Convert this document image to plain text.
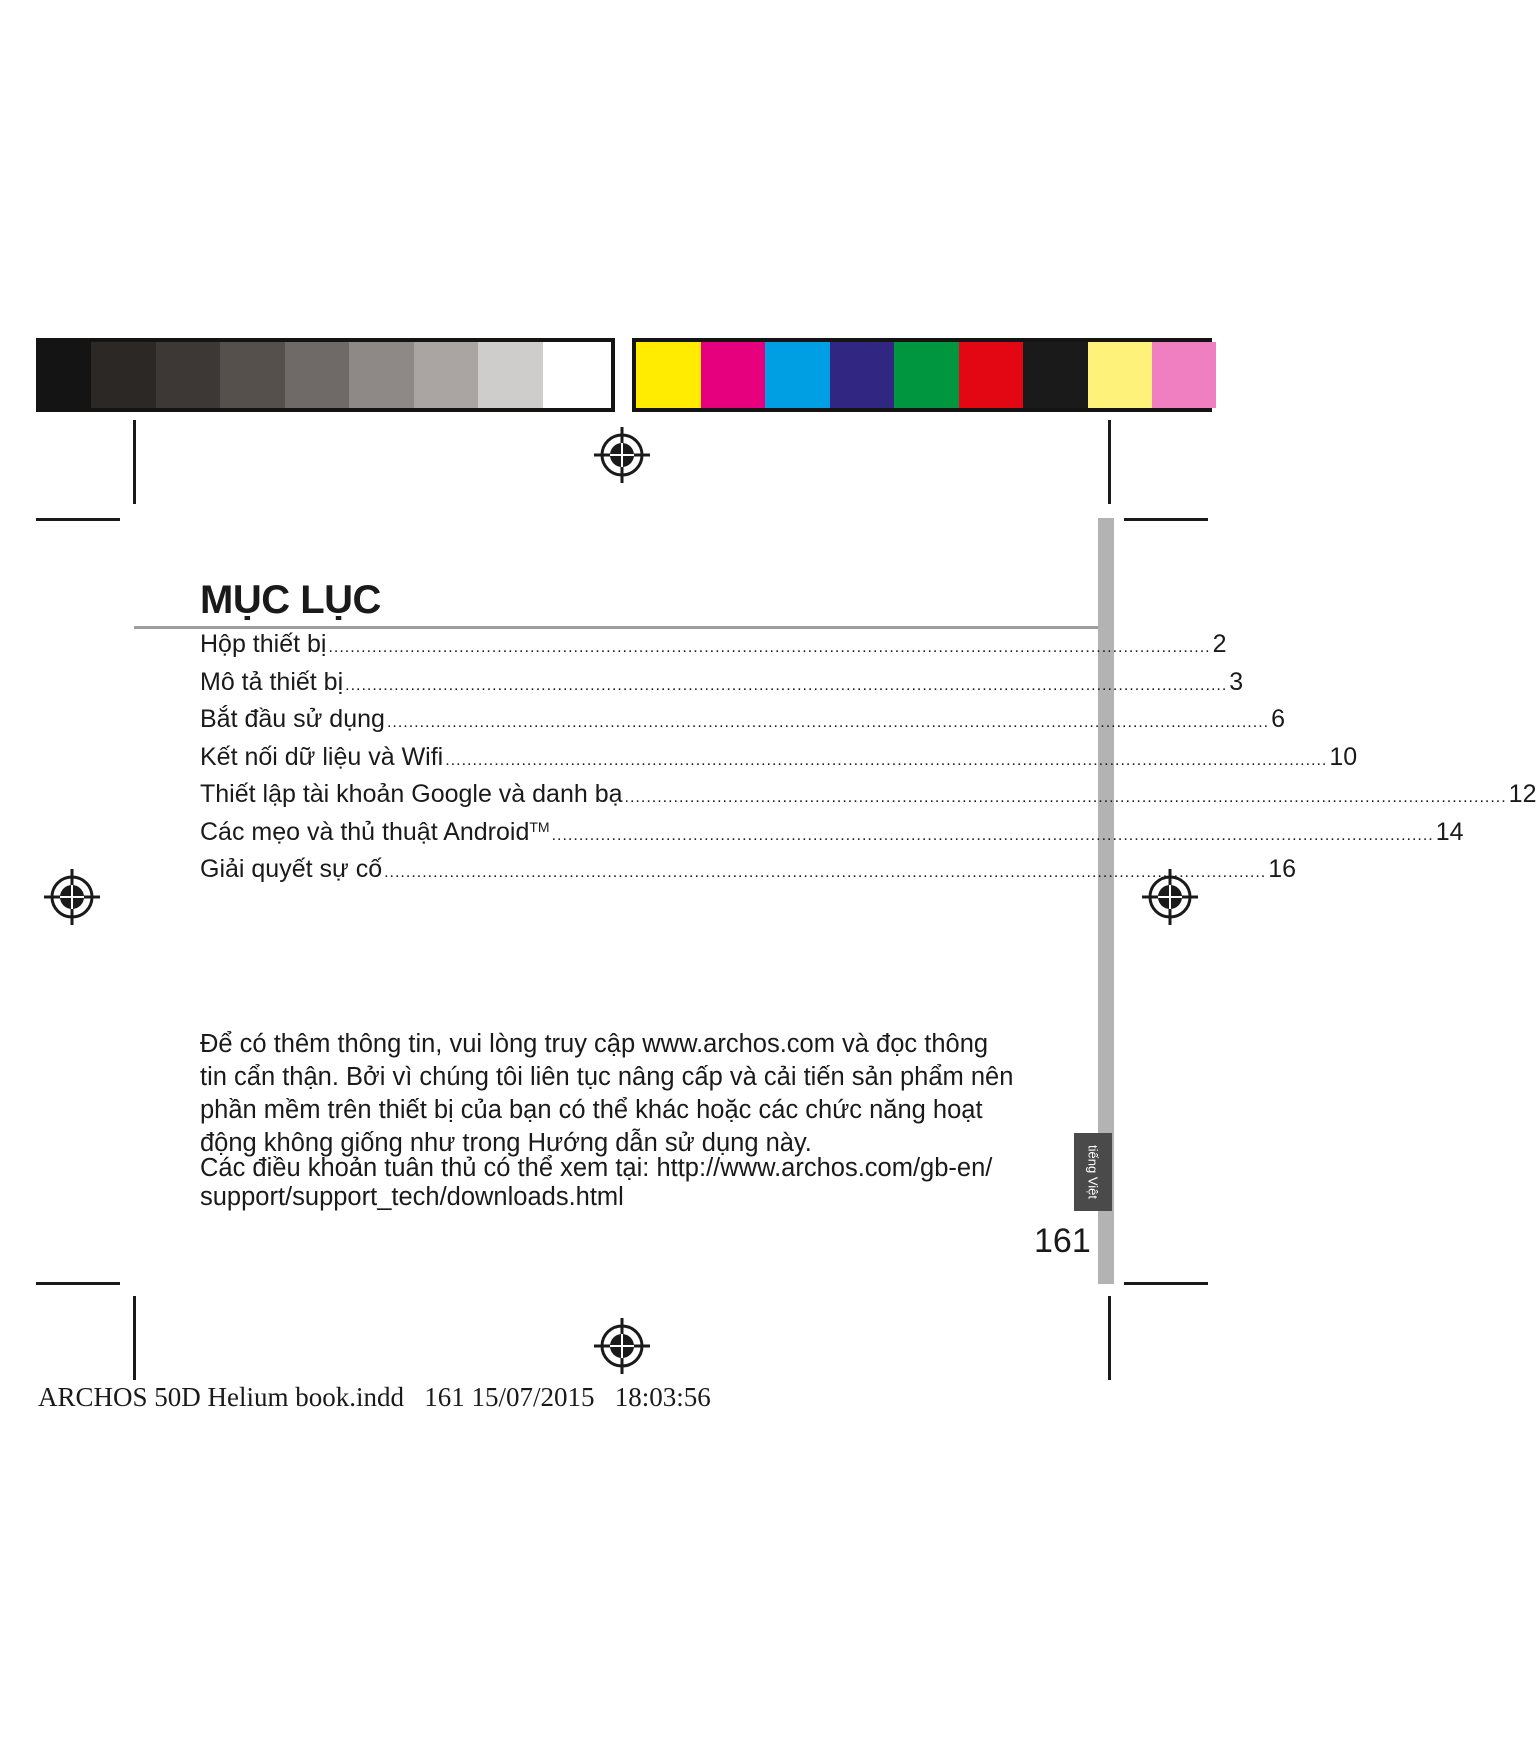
tiếng Việt
MỤC LỤC
Hộp thiết bị .................................................................................................................................................................. 2
Mô tả thiết bị .................................................................................................................................................................. 3
Bắt đầu sử dụng .................................................................................................................................................................. 6
Kết nối dữ liệu và Wifi .................................................................................................................................................................. 10
Thiết lập tài khoản Google và danh bạ .................................................................................................................................................................. 12
Các mẹo và thủ thuật Android™ .................................................................................................................................................................. 14
Giải quyết sự cố .................................................................................................................................................................. 16

Để có thêm thông tin, vui lòng truy cập www.archos.com và đọc thông

tin cẩn thận. Bởi vì chúng tôi liên tục nâng cấp và cải tiến sản phẩm nên

phần mềm trên thiết bị của bạn có thể khác hoặc các chức năng hoạt

động không giống như trong Hướng dẫn sử dụng này.

Các điều khoản tuân thủ có thể xem tại: http://www.archos.com/gb-en/

support/support_tech/downloads.html

161
ARCHOS 50D Helium book.indd   161 15/07/2015   18:03:56
